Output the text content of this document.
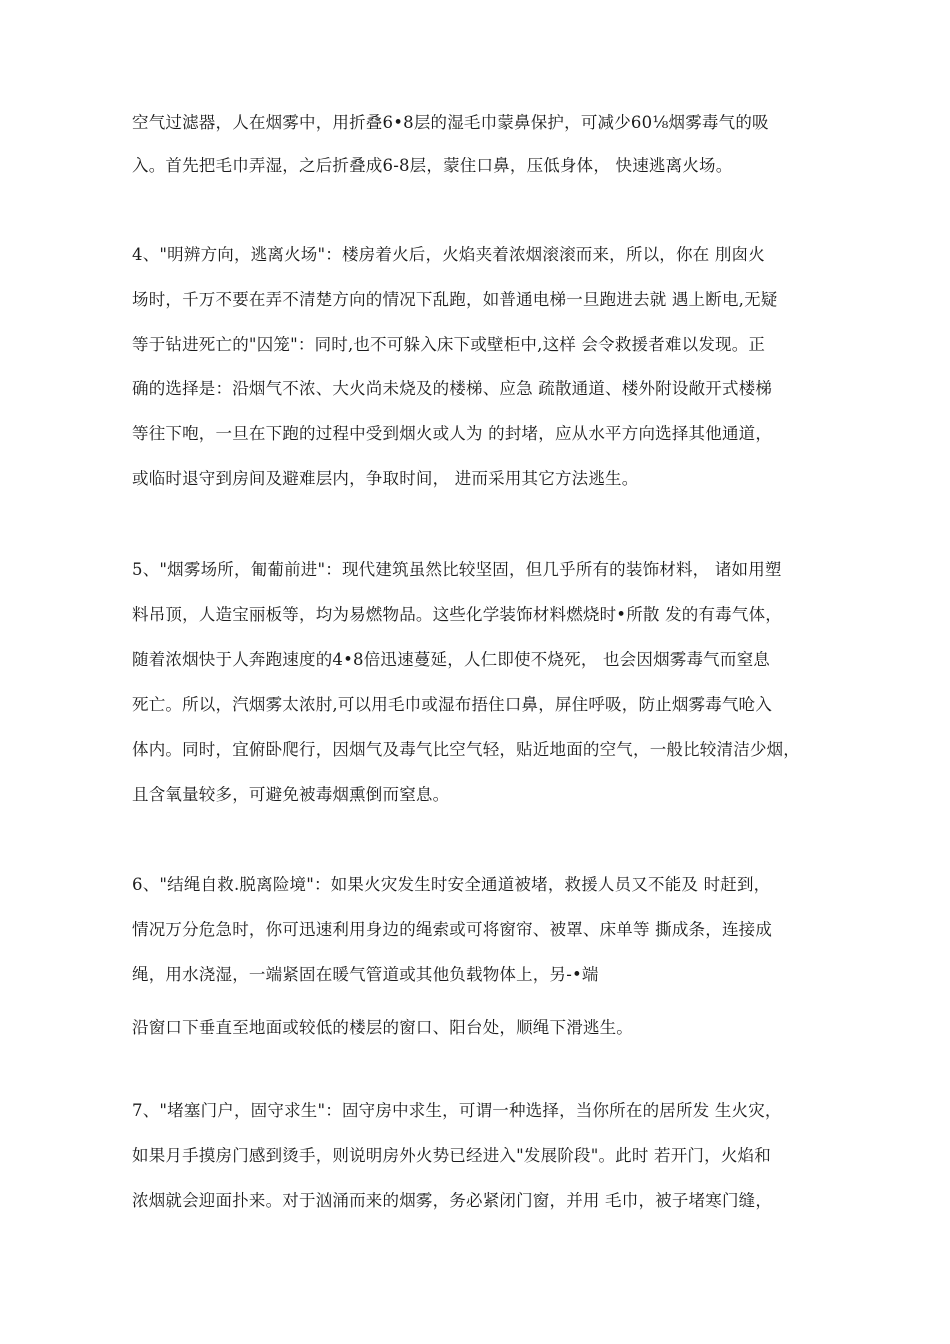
空气过滤器，人在烟雾中，用折叠6•8层的湿毛巾蒙鼻保护，可减少60⅛烟雾毒气的吸
入。首先把毛巾弄湿，之后折叠成6-8层，蒙住口鼻，压低身体， 快速逃离火场。
4、"明辨方向，逃离火场"：楼房着火后，火焰夹着浓烟滚滚而来，所以，你在 刖囱火
场时，千万不要在弄不清楚方向的情况下乱跑，如普通电梯一旦跑进去就 遇上断电,无疑
等于钻进死亡的"囚笼"：同时,也不可躲入床下或壁柜中,这样 会令救援者难以发现。正
确的选择是：沿烟气不浓、大火尚未烧及的楼梯、应急 疏散通道、楼外附设敞开式楼梯
等往下咆，一旦在下跑的过程中受到烟火或人为 的封堵，应从水平方向选择其他通道，
或临时退守到房间及避难层内，争取时间， 进而采用其它方法逃生。
5、"烟雾场所，匍葡前进"：现代建筑虽然比较坚固，但几乎所有的装饰材料， 诸如用塑
料吊顶，人造宝丽板等，均为易燃物品。这些化学装饰材料燃烧时•所散 发的有毒气体，
随着浓烟快于人奔跑速度的4•8倍迅速蔓延，人仁即使不烧死， 也会因烟雾毒气而窒息
死亡。所以，汽烟雾太浓肘,可以用毛巾或湿布捂住口鼻，屏住呼吸，防止烟雾毒气呛入
体内。同时，宜俯卧爬行，因烟气及毒气比空气轻，贴近地面的空气，一般比较清洁少烟，
且含氧量较多，可避免被毒烟熏倒而窒息。
6、"结绳自救.脱离险境"：如果火灾发生时安全通道被堵，救援人员又不能及 时赶到，
情况万分危急时，你可迅速利用身边的绳索或可将窗帘、被罩、床单等 撕成条，连接成
绳，用水浇湿，一端紧固在暖气管道或其他负载物体上，另-•端
沿窗口下垂直至地面或较低的楼层的窗口、阳台处，顺绳下滑逃生。
7、"堵塞门户，固守求生"：固守房中求生，可谓一种选择，当你所在的居所发 生火灾，
如果月手摸房门感到烫手，则说明房外火势已经进入"发展阶段"。此时 若开门，火焰和
浓烟就会迎面扑来。对于汹涌而来的烟雾，务必紧闭门窗，并用 毛巾，被子堵寒门缝，
